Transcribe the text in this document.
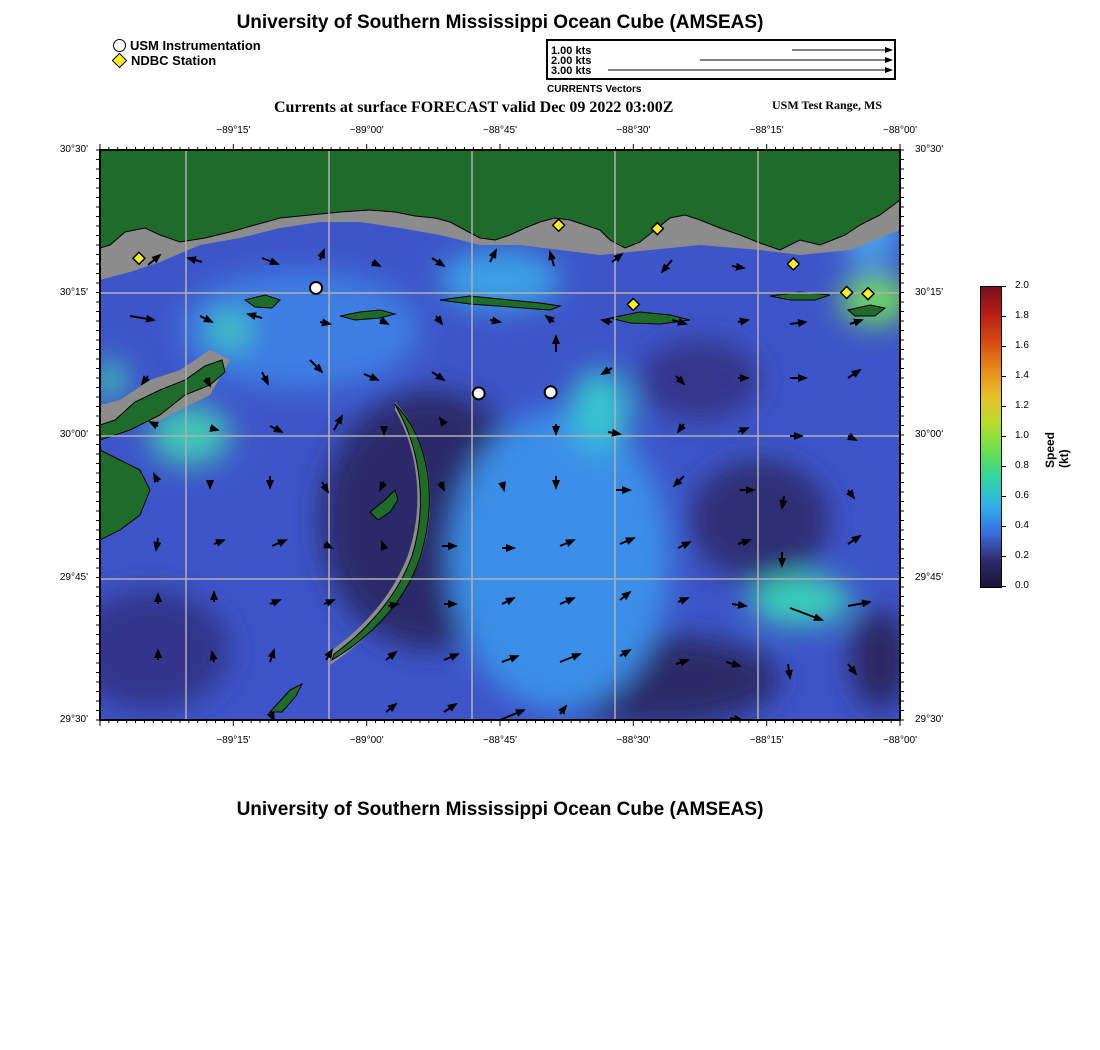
University of Southern Mississippi Ocean Cube (AMSEAS)
USM Instrumentation
NDBC Station
1.00 kts
2.00 kts
3.00 kts
CURRENTS Vectors
Currents at surface FORECAST valid Dec 09 2022 03:00Z	USM Test Range, MS
−89°15'	−89°00'	−88°45'	−88°30'	−88°15'	−88°00'
−89°15'	−89°00'	−88°45'	−88°30'	−88°15'	−88°00'
30°30'
30°15'
30°00'
29°45'
29°30'
30°30'
30°15'
30°00'
29°45'
29°30'
2.0
1.8
1.6
1.4
1.2
1.0
0.8
0.6
0.4
0.2
0.0
Speed (kt)
University of Southern Mississippi Ocean Cube (AMSEAS)
